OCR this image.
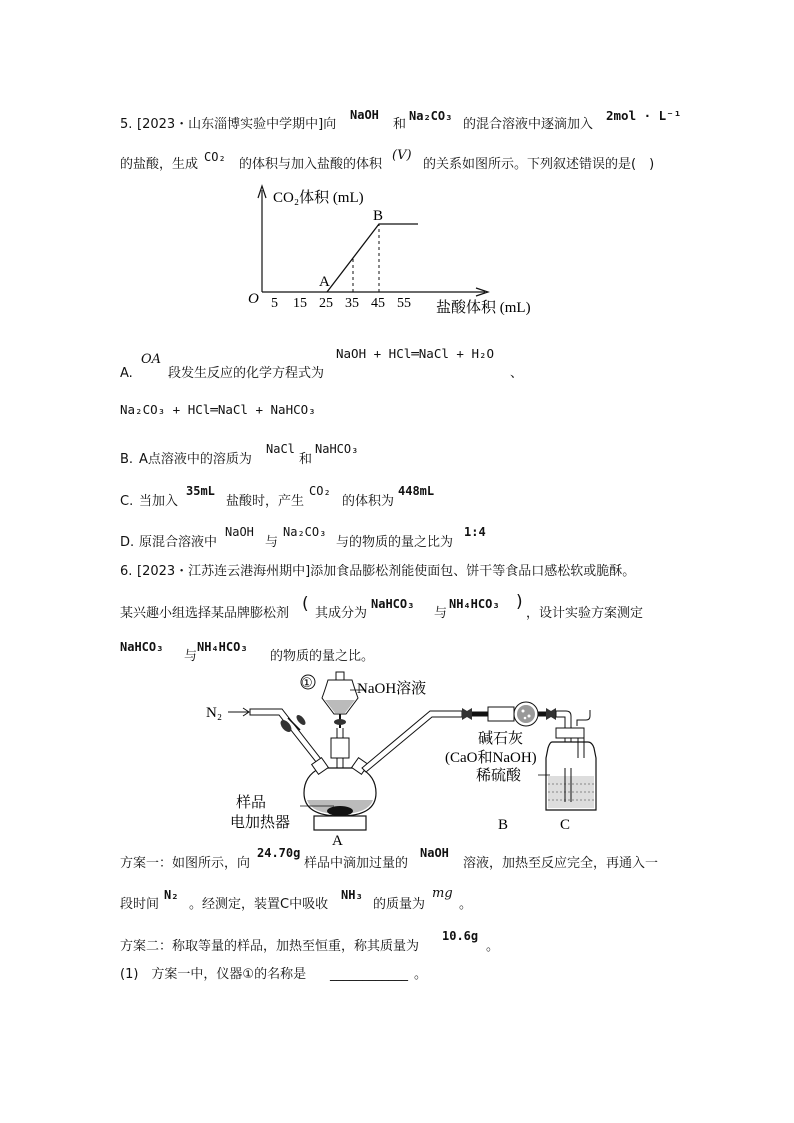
5. [2023・山东淄博实验中学期中]向
NaOH
和
Na₂CO₃
的混合溶液中逐滴加入
2mol · L⁻¹
的盐酸，生成 CO₂ 的体积与加入盐酸的体积
(V)
的关系如图所示。下列叙述错误的是(　)
CO₂体积 (mL)
O
盐酸体积 (mL)
5 15 25 35 45 55
A
B
A.
OA
段发生反应的化学方程式为
NaOH + HCl═NaCl + H₂O
、
Na₂CO₃ + HCl═NaCl + NaHCO₃
B. A点溶液中的溶质为
NaCl
和
NaHCO₃
C. 当加入
35mL
盐酸时，产生
CO₂
的体积为
448mL
D. 原混合溶液中
NaOH
与
Na₂CO₃
与的物质的量之比为
1:4
6. [2023・江苏连云港海州期中]添加食品膨松剂能使面包、饼干等食品口感松软或脆酥。
某兴趣小组选择某品牌膨松剂 ( 其成分为
NaHCO₃
与
NH₄HCO₃ )
，设计实验方案测定
NaHCO₃
与
NH₄HCO₃
的物质的量之比。
N₂
①	NaOH溶液
样品
电加热器
A
碱石灰
(CaO和NaOH)
稀硫酸
B	C
方案一：如图所示，向
24.70g
样品中滴加过量的
NaOH
溶液，加热至反应完全，再通入一
段时间
N₂
。经测定，装置C中吸收
NH₃
的质量为
mg
。
方案二：称取等量的样品，加热至恒重，称其质量为
10.6g
。
(1)　方案一中，仪器①的名称是 ____________ 。
